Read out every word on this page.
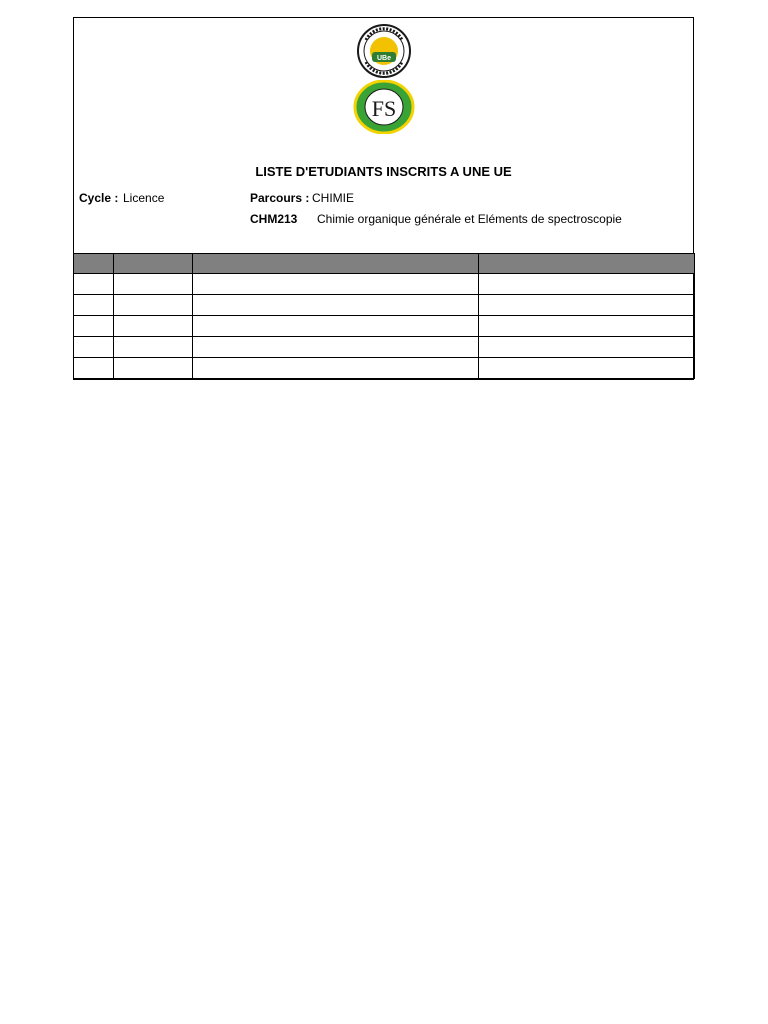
UBe
FS
LISTE D'ETUDIANTS INSCRITS A UNE UE
Cycle : Licence	Parcours : CHIMIE
CHM213 Chimie organique générale et Eléments de spectroscopie
